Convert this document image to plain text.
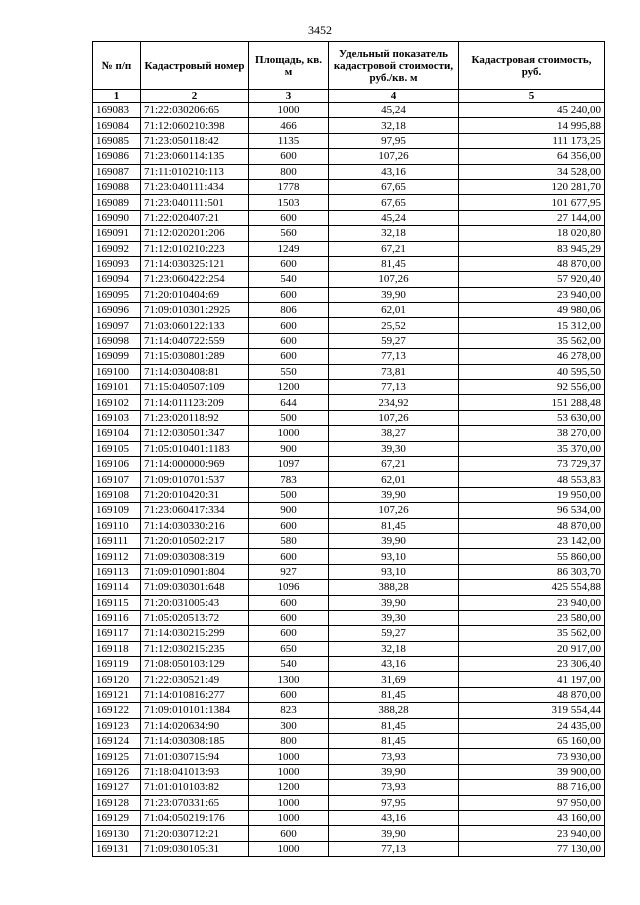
3452
№ п/п	Кадастровый номер	Площадь, кв. м	Удельный показатель кадастровой стоимости, руб./кв. м	Кадастровая стоимость, руб.
1	2	3	4	5
169083	71:22:030206:65	1000	45,24	45 240,00
169084	71:12:060210:398	466	32,18	14 995,88
169085	71:23:050118:42	1135	97,95	111 173,25
169086	71:23:060114:135	600	107,26	64 356,00
169087	71:11:010210:113	800	43,16	34 528,00
169088	71:23:040111:434	1778	67,65	120 281,70
169089	71:23:040111:501	1503	67,65	101 677,95
169090	71:22:020407:21	600	45,24	27 144,00
169091	71:12:020201:206	560	32,18	18 020,80
169092	71:12:010210:223	1249	67,21	83 945,29
169093	71:14:030325:121	600	81,45	48 870,00
169094	71:23:060422:254	540	107,26	57 920,40
169095	71:20:010404:69	600	39,90	23 940,00
169096	71:09:010301:2925	806	62,01	49 980,06
169097	71:03:060122:133	600	25,52	15 312,00
169098	71:14:040722:559	600	59,27	35 562,00
169099	71:15:030801:289	600	77,13	46 278,00
169100	71:14:030408:81	550	73,81	40 595,50
169101	71:15:040507:109	1200	77,13	92 556,00
169102	71:14:011123:209	644	234,92	151 288,48
169103	71:23:020118:92	500	107,26	53 630,00
169104	71:12:030501:347	1000	38,27	38 270,00
169105	71:05:010401:1183	900	39,30	35 370,00
169106	71:14:000000:969	1097	67,21	73 729,37
169107	71:09:010701:537	783	62,01	48 553,83
169108	71:20:010420:31	500	39,90	19 950,00
169109	71:23:060417:334	900	107,26	96 534,00
169110	71:14:030330:216	600	81,45	48 870,00
169111	71:20:010502:217	580	39,90	23 142,00
169112	71:09:030308:319	600	93,10	55 860,00
169113	71:09:010901:804	927	93,10	86 303,70
169114	71:09:030301:648	1096	388,28	425 554,88
169115	71:20:031005:43	600	39,90	23 940,00
169116	71:05:020513:72	600	39,30	23 580,00
169117	71:14:030215:299	600	59,27	35 562,00
169118	71:12:030215:235	650	32,18	20 917,00
169119	71:08:050103:129	540	43,16	23 306,40
169120	71:22:030521:49	1300	31,69	41 197,00
169121	71:14:010816:277	600	81,45	48 870,00
169122	71:09:010101:1384	823	388,28	319 554,44
169123	71:14:020634:90	300	81,45	24 435,00
169124	71:14:030308:185	800	81,45	65 160,00
169125	71:01:030715:94	1000	73,93	73 930,00
169126	71:18:041013:93	1000	39,90	39 900,00
169127	71:01:010103:82	1200	73,93	88 716,00
169128	71:23:070331:65	1000	97,95	97 950,00
169129	71:04:050219:176	1000	43,16	43 160,00
169130	71:20:030712:21	600	39,90	23 940,00
169131	71:09:030105:31	1000	77,13	77 130,00
